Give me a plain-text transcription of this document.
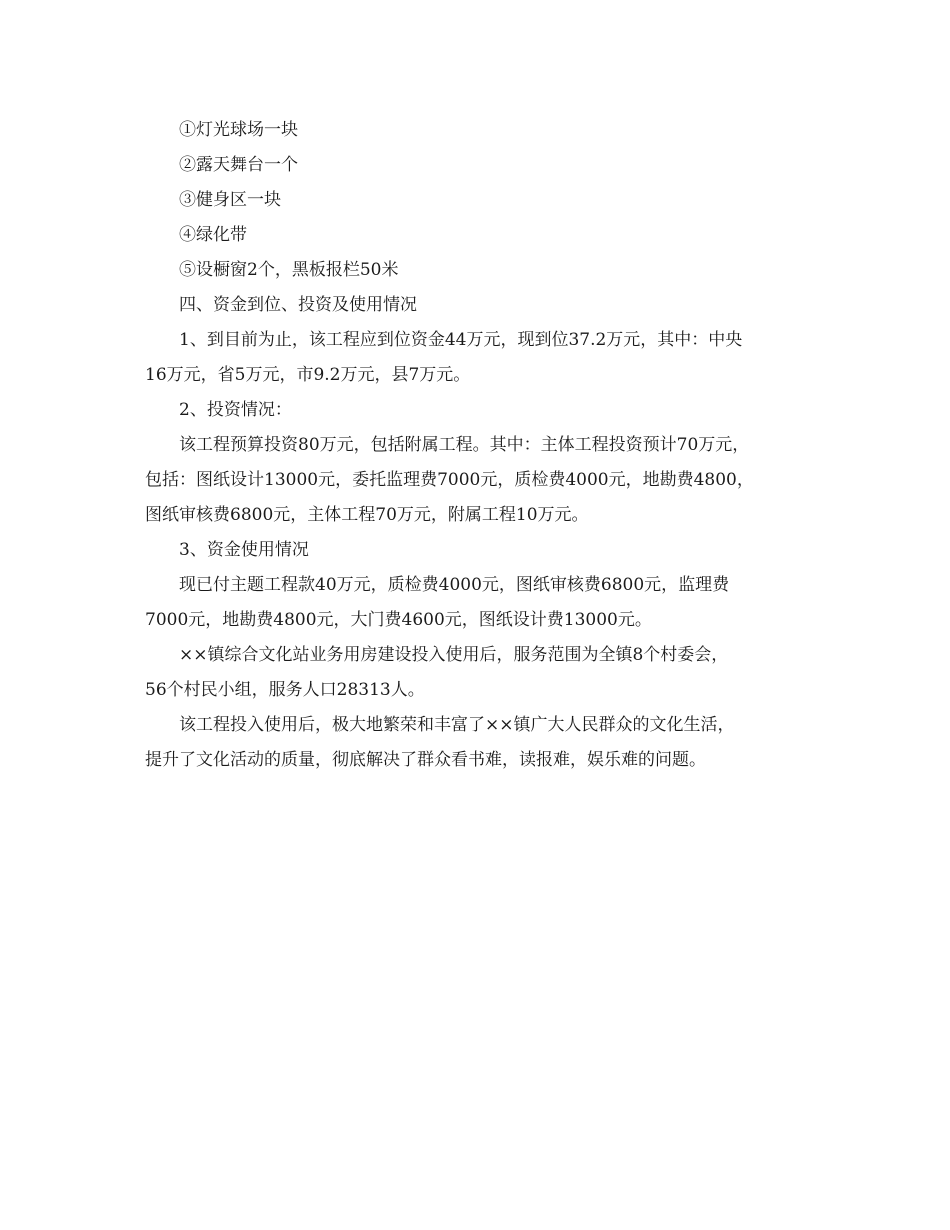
①灯光球场一块

②露天舞台一个

③健身区一块

④绿化带

⑤设橱窗2个，黑板报栏50米

四、资金到位、投资及使用情况

1、到目前为止，该工程应到位资金44万元，现到位37.2万元，其中：中央
16万元，省5万元，市9.2万元，县7万元。

2、投资情况：

该工程预算投资80万元，包括附属工程。其中：主体工程投资预计70万元，
包括：图纸设计13000元，委托监理费7000元，质检费4000元，地勘费4800，
图纸审核费6800元，主体工程70万元，附属工程10万元。

3、资金使用情况

现已付主题工程款40万元，质检费4000元，图纸审核费6800元，监理费
7000元，地勘费4800元，大门费4600元，图纸设计费13000元。
××镇综合文化站业务用房建设投入使用后，服务范围为全镇8个村委会，
56个村民小组，服务人口28313人。
该工程投入使用后，极大地繁荣和丰富了××镇广大人民群众的文化生活，
提升了文化活动的质量，彻底解决了群众看书难，读报难，娱乐难的问题。
